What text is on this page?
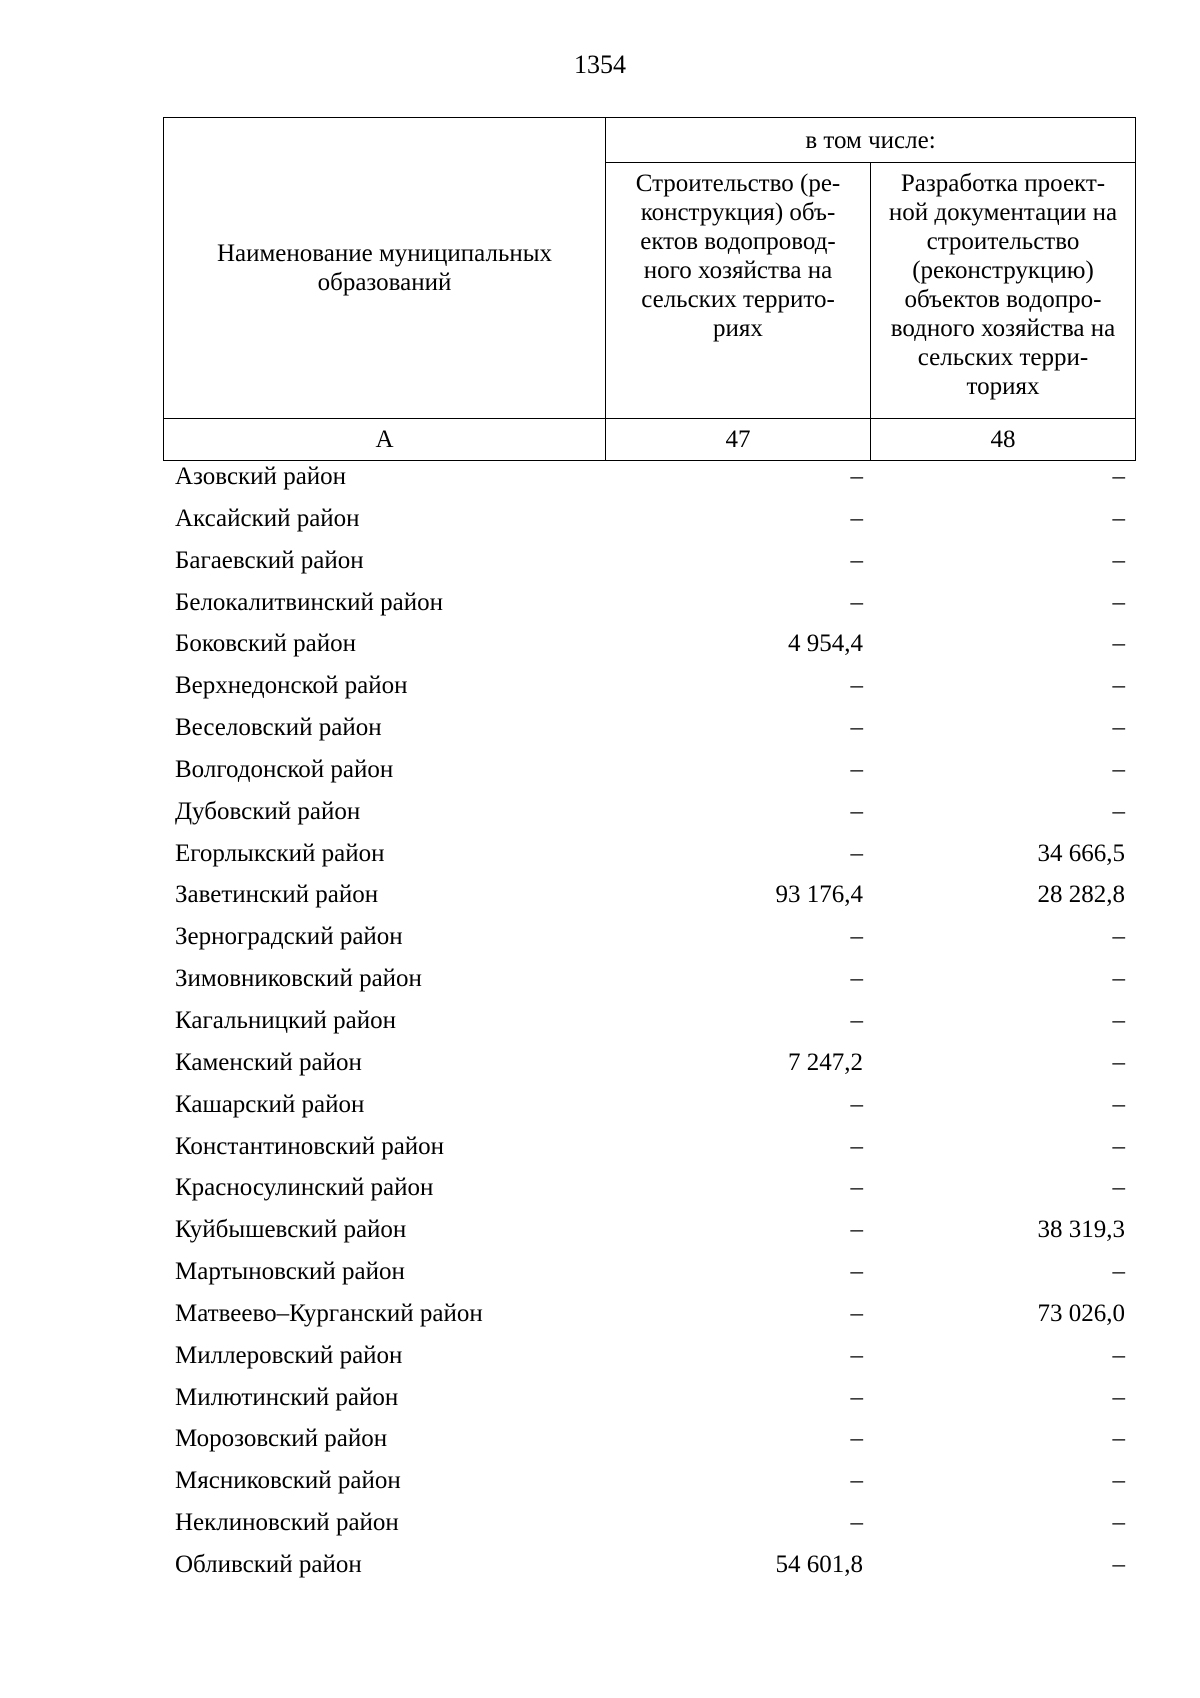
1354
Наименование муниципальных образований	в том числе:	

	Строительство (ре- конструкция) объ- ектов водопровод- ного хозяйства на сельских террито- риях	Разработка проект- ной документации на строительство (реконструкцию) объектов водопро- водного хозяйства на сельских терри- ториях

А	47	48
Азовский район	–	–
Аксайский район	–	–
Багаевский район	–	–
Белокалитвинский район	–	–
Боковский район	4 954,4	–
Верхнедонской район	–	–
Веселовский район	–	–
Волгодонской район	–	–
Дубовский район	–	–
Егорлыкский район	–	34 666,5
Заветинский район	93 176,4	28 282,8
Зерноградский район	–	–
Зимовниковский район	–	–
Кагальницкий район	–	–
Каменский район	7 247,2	–
Кашарский район	–	–
Константиновский район	–	–
Красносулинский район	–	–
Куйбышевский район	–	38 319,3
Мартыновский район	–	–
Матвеево–Курганский район	–	73 026,0
Миллеровский район	–	–
Милютинский район	–	–
Морозовский район	–	–
Мясниковский район	–	–
Неклиновский район	–	–
Обливский район	54 601,8	–
